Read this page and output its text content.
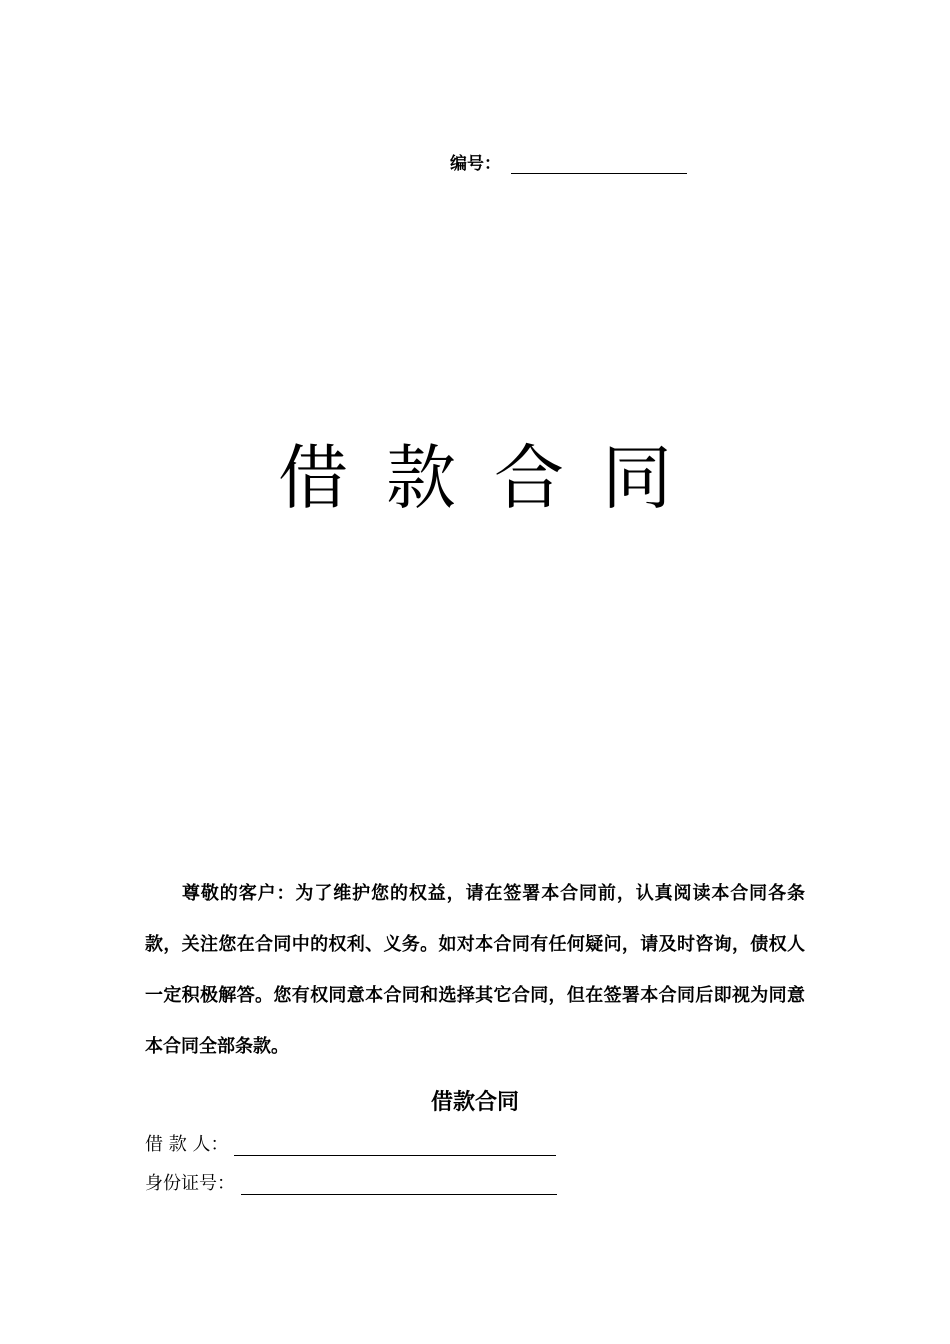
编号：
借款合同
尊敬的客户：为了维护您的权益，请在签署本合同前，认真阅读本合同各条款，关注您在合同中的权利、义务。如对本合同有任何疑问，请及时咨询，债权人一定积极解答。您有权同意本合同和选择其它合同，但在签署本合同后即视为同意本合同全部条款。
借款合同
借 款 人：
身份证号：
